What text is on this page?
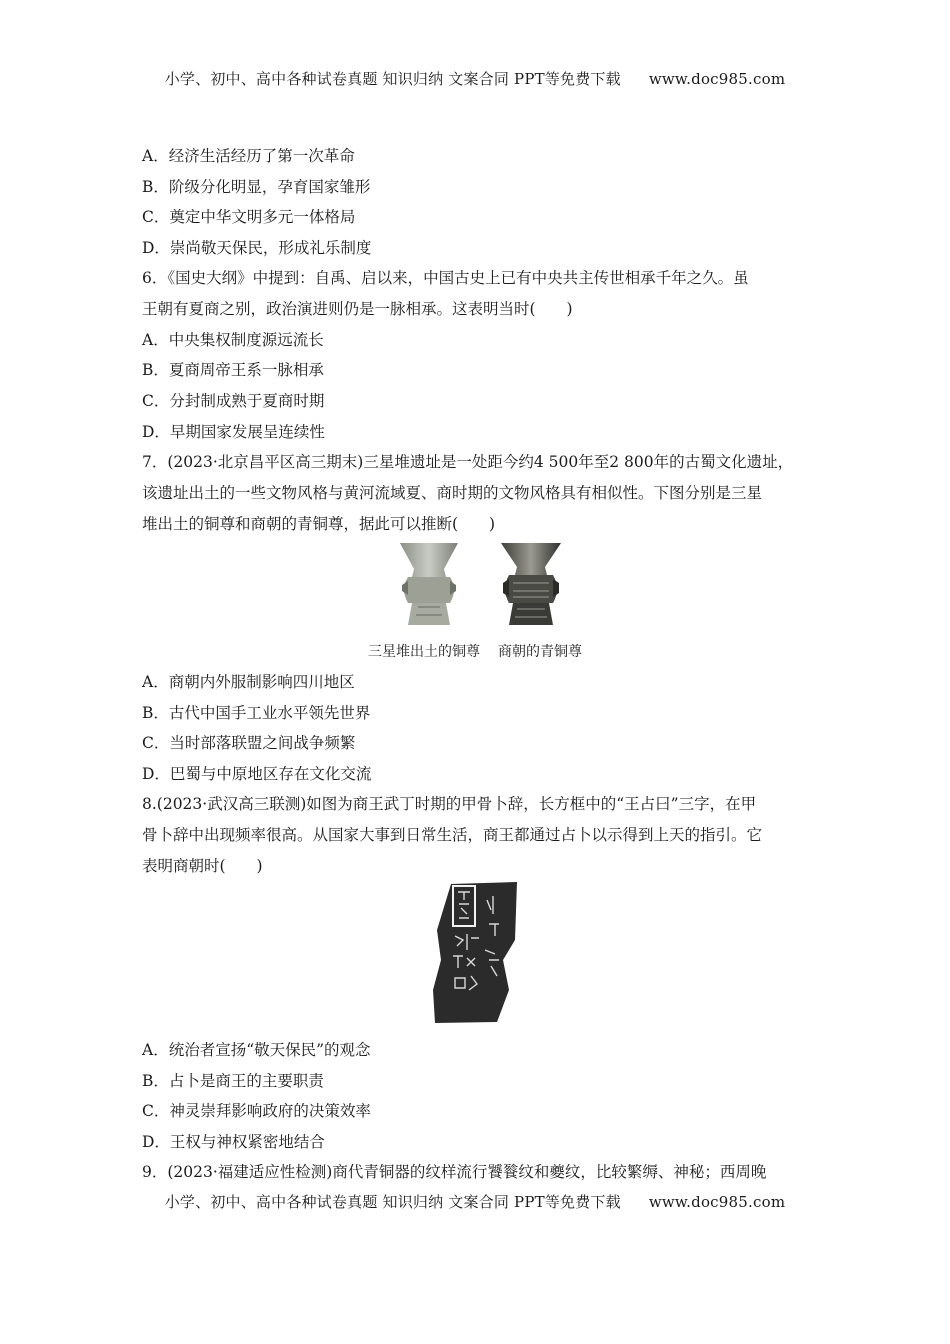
小学、初中、高中各种试卷真题 知识归纳 文案合同 PPT等免费下载 www.doc985.com
A．经济生活经历了第一次革命
B．阶级分化明显，孕育国家雏形
C．奠定中华文明多元一体格局
D．崇尚敬天保民，形成礼乐制度
6．《国史大纲》中提到：自禹、启以来，中国古史上已有中央共主传世相承千年之久。虽
王朝有夏商之别，政治演进则仍是一脉相承。这表明当时(　　)
A．中央集权制度源远流长
B．夏商周帝王系一脉相承
C．分封制成熟于夏商时期
D．早期国家发展呈连续性
7．(2023·北京昌平区高三期末)三星堆遗址是一处距今约4 500年至2 800年的古蜀文化遗址，
该遗址出土的一些文物风格与黄河流域夏、商时期的文物风格具有相似性。下图分别是三星
堆出土的铜尊和商朝的青铜尊，据此可以推断(　　)
三星堆出土的铜尊 商朝的青铜尊
A．商朝内外服制影响四川地区
B．古代中国手工业水平领先世界
C．当时部落联盟之间战争频繁
D．巴蜀与中原地区存在文化交流
8.(2023·武汉高三联测)如图为商王武丁时期的甲骨卜辞，长方框中的“王占曰”三字，在甲
骨卜辞中出现频率很高。从国家大事到日常生活，商王都通过占卜以示得到上天的指引。它
表明商朝时(　　)
A．统治者宣扬“敬天保民”的观念
B．占卜是商王的主要职责
C．神灵崇拜影响政府的决策效率
D．王权与神权紧密地结合
9．(2023·福建适应性检测)商代青铜器的纹样流行饕餮纹和夔纹，比较繁缛、神秘；西周晚
小学、初中、高中各种试卷真题 知识归纳 文案合同 PPT等免费下载 www.doc985.com
